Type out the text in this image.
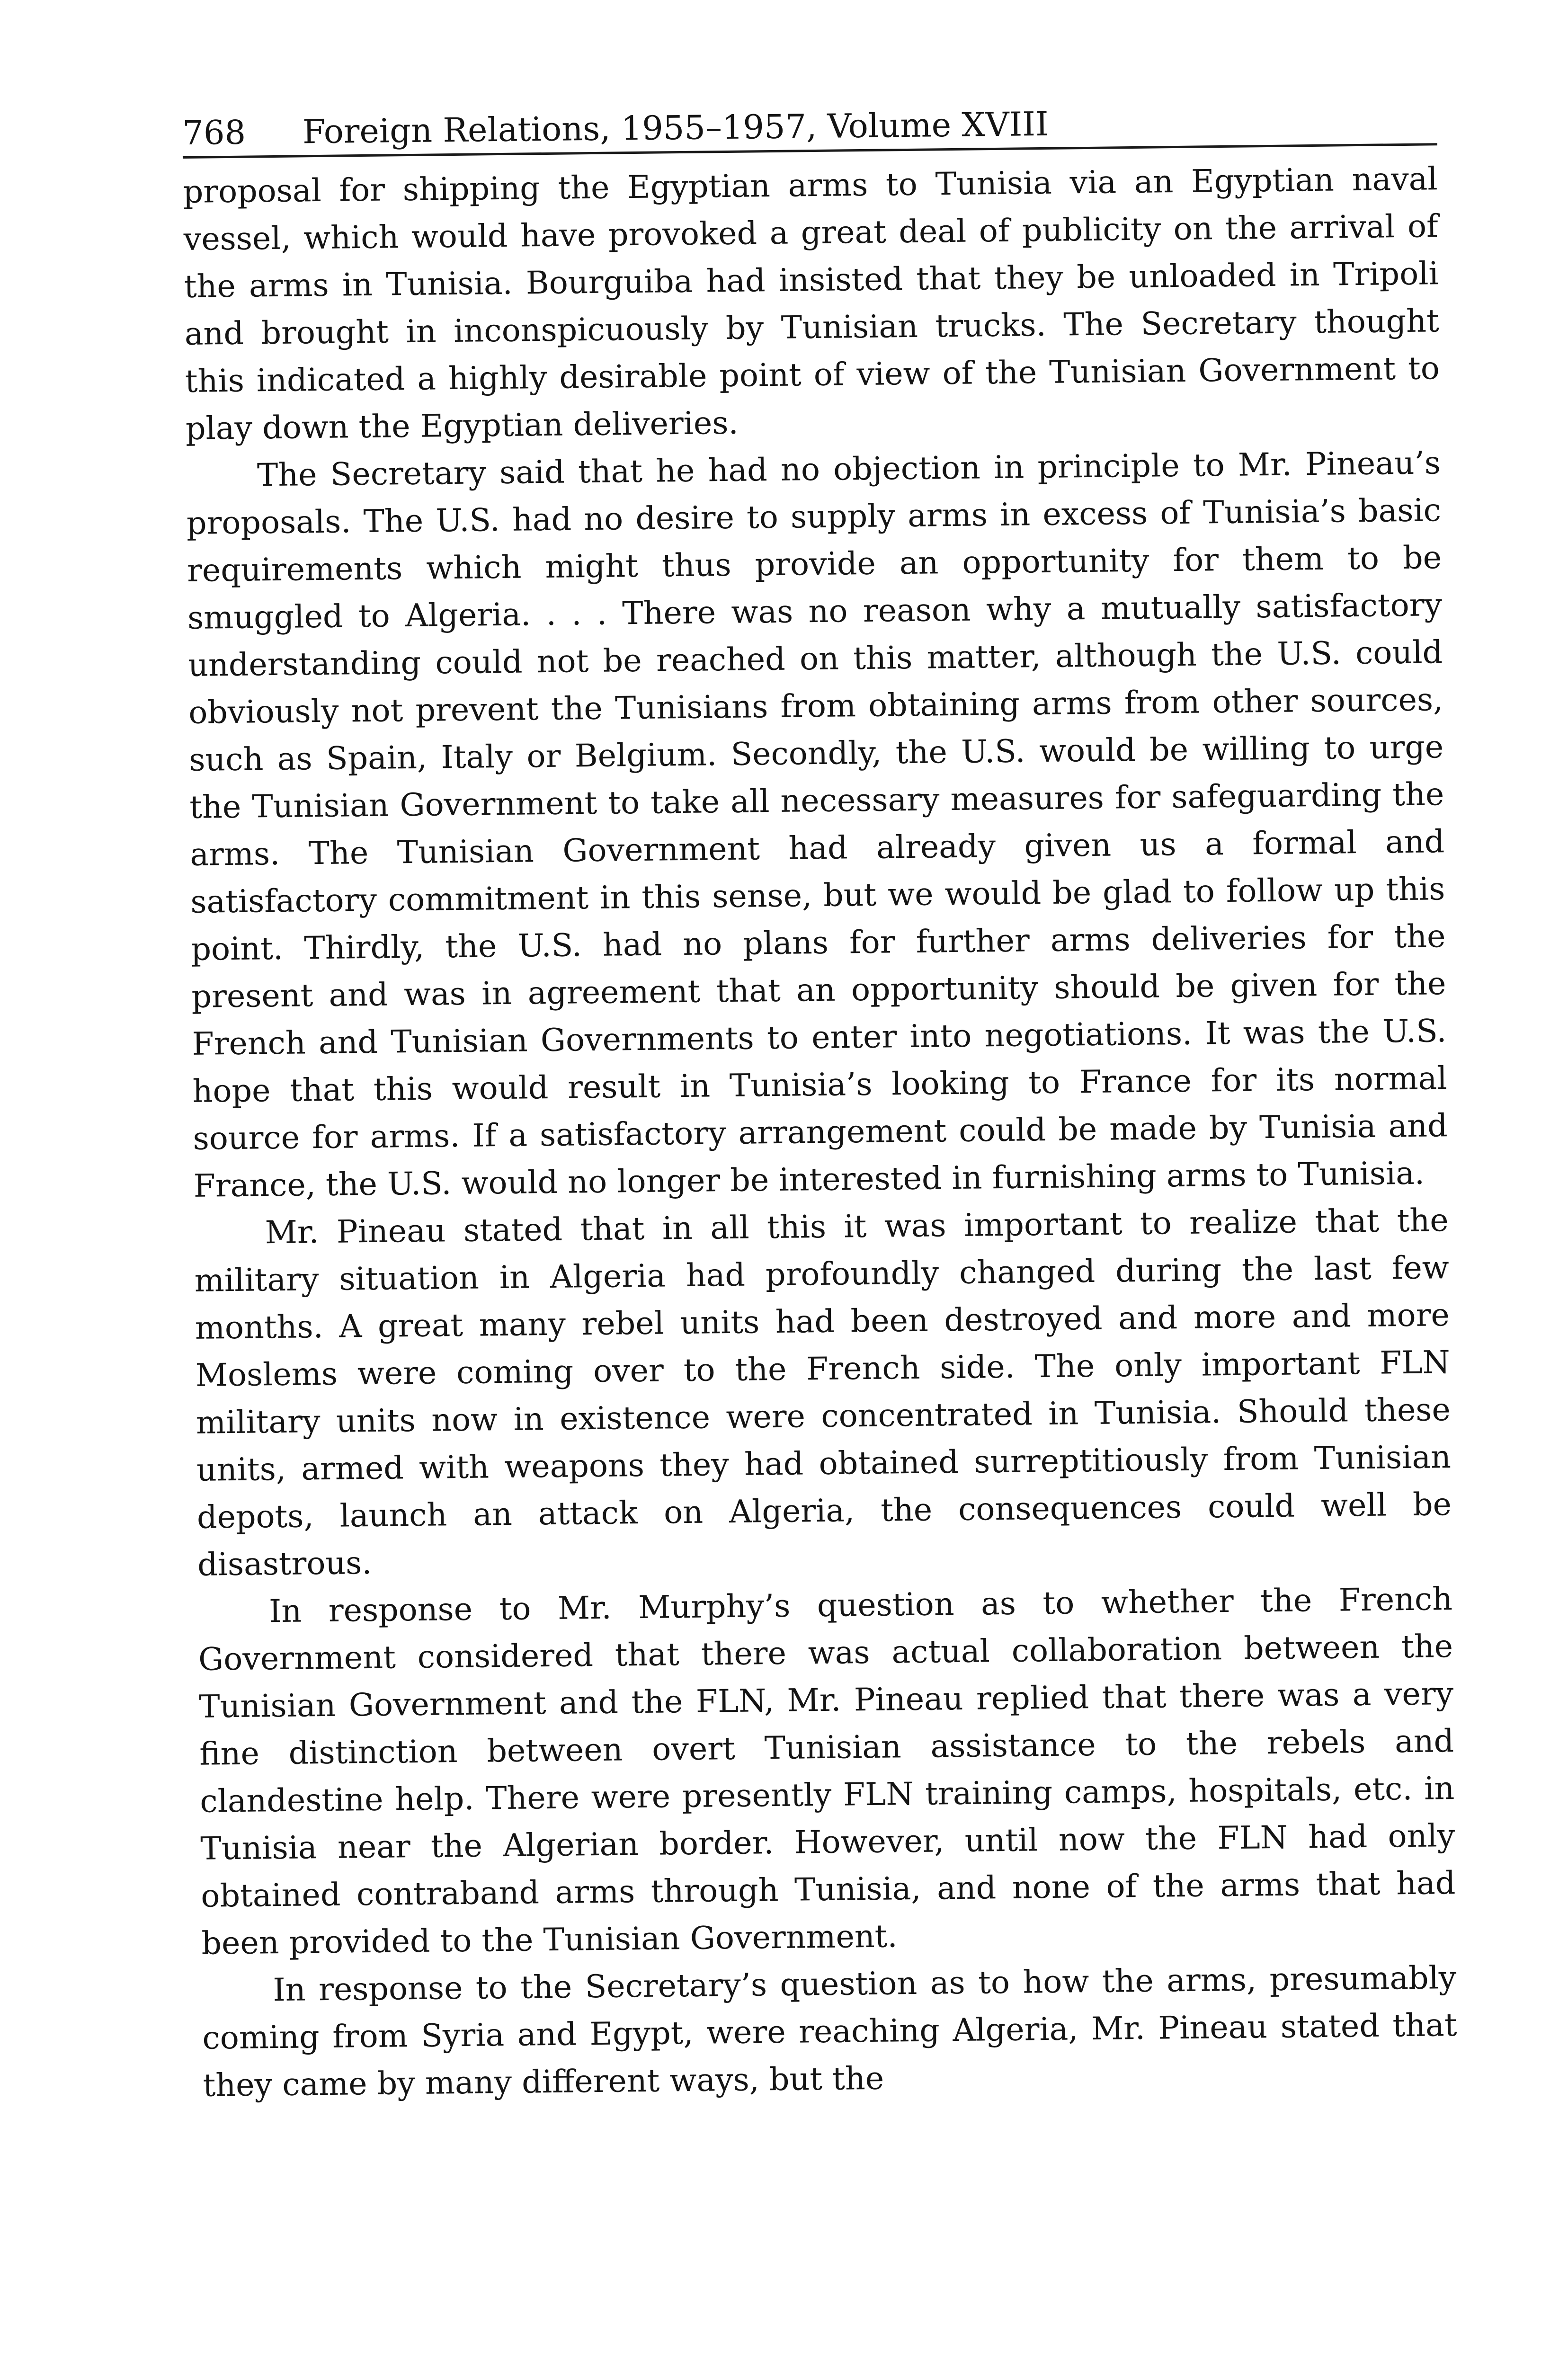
768 Foreign Relations, 1955–1957, Volume XVIII

proposal for shipping the Egyptian arms to Tunisia via an Egyptian naval vessel, which would have provoked a great deal of publicity on the arrival of the arms in Tunisia. Bourguiba had insisted that they be unloaded in Tripoli and brought in inconspicuously by Tunisian trucks. The Secretary thought this indicated a highly desirable point of view of the Tunisian Government to play down the Egyptian deliveries.

The Secretary said that he had no objection in principle to Mr. Pineau’s proposals. The U.S. had no desire to supply arms in excess of Tunisia’s basic requirements which might thus provide an opportunity for them to be smuggled to Algeria. . . . There was no reason why a mutually satisfactory understanding could not be reached on this matter, although the U.S. could obviously not prevent the Tunisians from obtaining arms from other sources, such as Spain, Italy or Belgium. Secondly, the U.S. would be willing to urge the Tunisian Government to take all necessary measures for safeguarding the arms. The Tunisian Government had already given us a formal and satisfactory commitment in this sense, but we would be glad to follow up this point. Thirdly, the U.S. had no plans for further arms deliveries for the present and was in agreement that an opportunity should be given for the French and Tunisian Governments to enter into negotiations. It was the U.S. hope that this would result in Tunisia’s looking to France for its normal source for arms. If a satisfactory arrangement could be made by Tunisia and France, the U.S. would no longer be interested in furnishing arms to Tunisia.

Mr. Pineau stated that in all this it was important to realize that the military situation in Algeria had profoundly changed during the last few months. A great many rebel units had been destroyed and more and more Moslems were coming over to the French side. The only important FLN military units now in existence were concentrated in Tunisia. Should these units, armed with weapons they had obtained surreptitiously from Tunisian depots, launch an attack on Algeria, the consequences could well be disastrous.

In response to Mr. Murphy’s question as to whether the French Government considered that there was actual collaboration between the Tunisian Government and the FLN, Mr. Pineau replied that there was a very fine distinction between overt Tunisian assistance to the rebels and clandestine help. There were presently FLN training camps, hospitals, etc. in Tunisia near the Algerian border. However, until now the FLN had only obtained contraband arms through Tunisia, and none of the arms that had been provided to the Tunisian Government.

In response to the Secretary’s question as to how the arms, presumably coming from Syria and Egypt, were reaching Algeria, Mr. Pineau stated that they came by many different ways, but the
